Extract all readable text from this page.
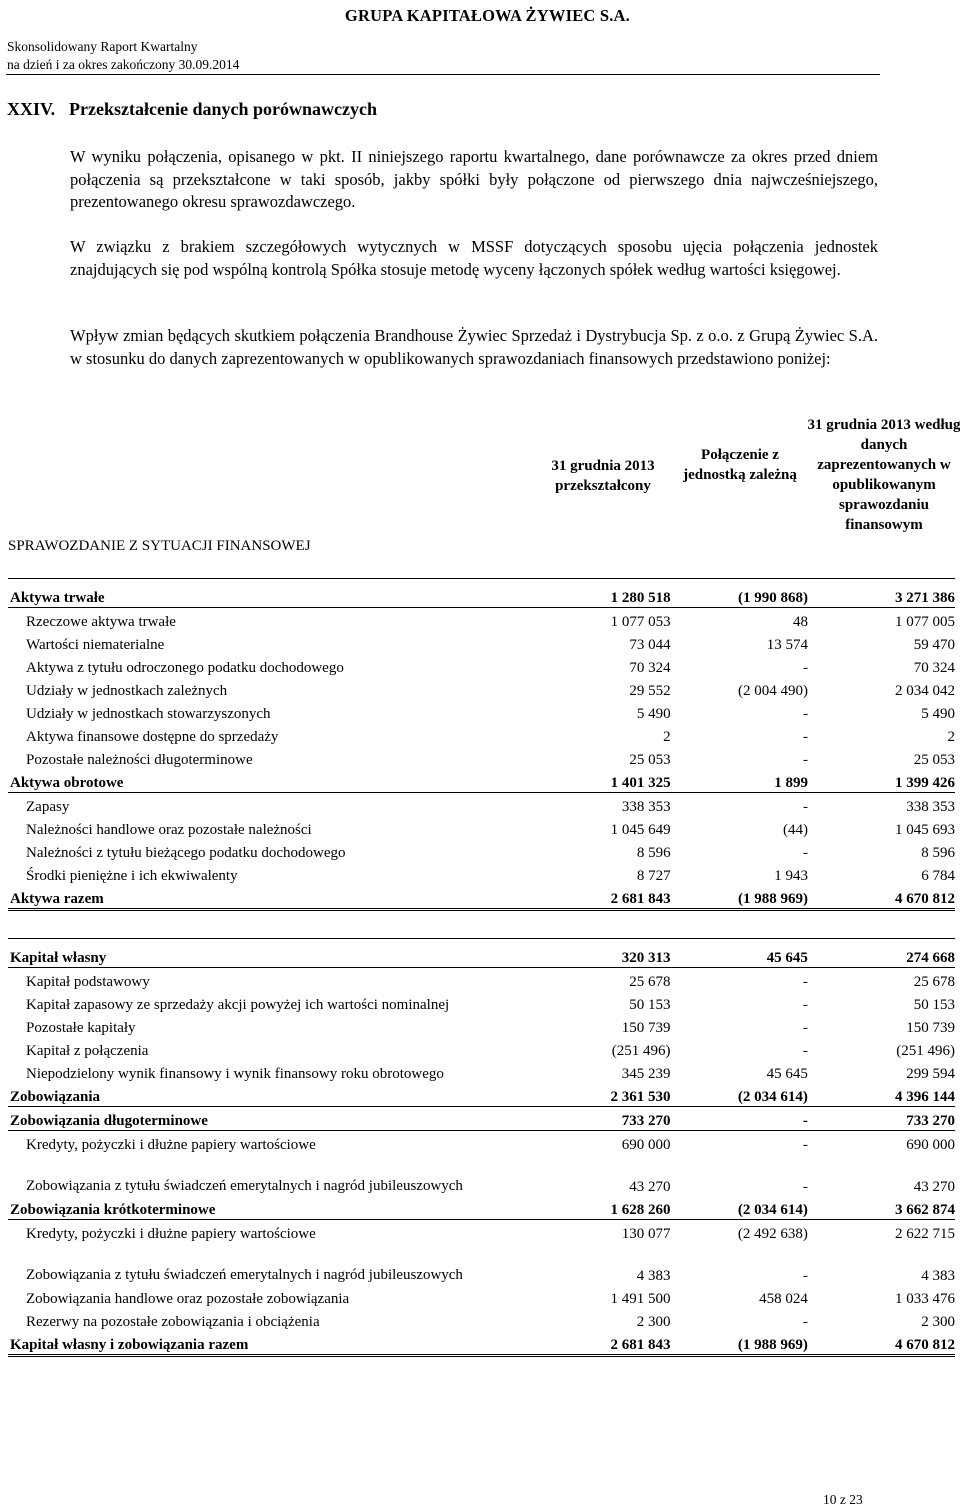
GRUPA KAPITAŁOWA ŻYWIEC S.A.
Skonsolidowany Raport Kwartalny
na dzień i za okres zakończony 30.09.2014
XXIV. Przekształcenie danych porównawczych
W wyniku połączenia, opisanego w pkt. II niniejszego raportu kwartalnego, dane porównawcze za okres przed dniem połączenia są przekształcone w taki sposób, jakby spółki były połączone od pierwszego dnia najwcześniejszego, prezentowanego okresu sprawozdawczego.
W związku z brakiem szczegółowych wytycznych w MSSF dotyczących sposobu ujęcia połączenia jednostek znajdujących się pod wspólną kontrolą Spółka stosuje metodę wyceny łączonych spółek według wartości księgowej.
Wpływ zmian będących skutkiem połączenia Brandhouse Żywiec Sprzedaż i Dystrybucja Sp. z o.o. z Grupą Żywiec S.A. w stosunku do danych zaprezentowanych w opublikowanych sprawozdaniach finansowych przedstawiono poniżej:
31 grudnia 2013 przekształcony
Połączenie z jednostką zależną
31 grudnia 2013 według danych zaprezentowanych w opublikowanym sprawozdaniu finansowym
SPRAWOZDANIE Z SYTUACJI FINANSOWEJ
Aktywa trwałe	1 280 518	(1 990 868)	3 271 386
Rzeczowe aktywa trwałe	1 077 053	48	1 077 005
Wartości niematerialne	73 044	13 574	59 470
Aktywa z tytułu odroczonego podatku dochodowego	70 324	-	70 324
Udziały w jednostkach zależnych	29 552	(2 004 490)	2 034 042
Udziały w jednostkach stowarzyszonych	5 490	-	5 490
Aktywa finansowe dostępne do sprzedaży	2	-	2
Pozostałe należności długoterminowe	25 053	-	25 053
Aktywa obrotowe	1 401 325	1 899	1 399 426
Zapasy	338 353	-	338 353
Należności handlowe oraz pozostałe należności	1 045 649	(44)	1 045 693
Należności z tytułu bieżącego podatku dochodowego	8 596	-	8 596
Środki pieniężne i ich ekwiwalenty	8 727	1 943	6 784
Aktywa razem	2 681 843	(1 988 969)	4 670 812
Kapitał własny	320 313	45 645	274 668
Kapitał podstawowy	25 678	-	25 678
Kapitał zapasowy ze sprzedaży akcji powyżej ich wartości nominalnej	50 153	-	50 153
Pozostałe kapitały	150 739	-	150 739
Kapitał z połączenia	(251 496)	-	(251 496)
Niepodzielony wynik finansowy i wynik finansowy roku obrotowego	345 239	45 645	299 594
Zobowiązania	2 361 530	(2 034 614)	4 396 144
Zobowiązania długoterminowe	733 270	-	733 270
Kredyty, pożyczki i dłużne papiery wartościowe	690 000	-	690 000
Zobowiązania z tytułu świadczeń emerytalnych i nagród jubileuszowych	43 270	-	43 270
Zobowiązania krótkoterminowe	1 628 260	(2 034 614)	3 662 874
Kredyty, pożyczki i dłużne papiery wartościowe	130 077	(2 492 638)	2 622 715
Zobowiązania z tytułu świadczeń emerytalnych i nagród jubileuszowych	4 383	-	4 383
Zobowiązania handlowe oraz pozostałe zobowiązania	1 491 500	458 024	1 033 476
Rezerwy na pozostałe zobowiązania i obciążenia	2 300	-	2 300
Kapitał własny i zobowiązania razem	2 681 843	(1 988 969)	4 670 812
10 z 23
